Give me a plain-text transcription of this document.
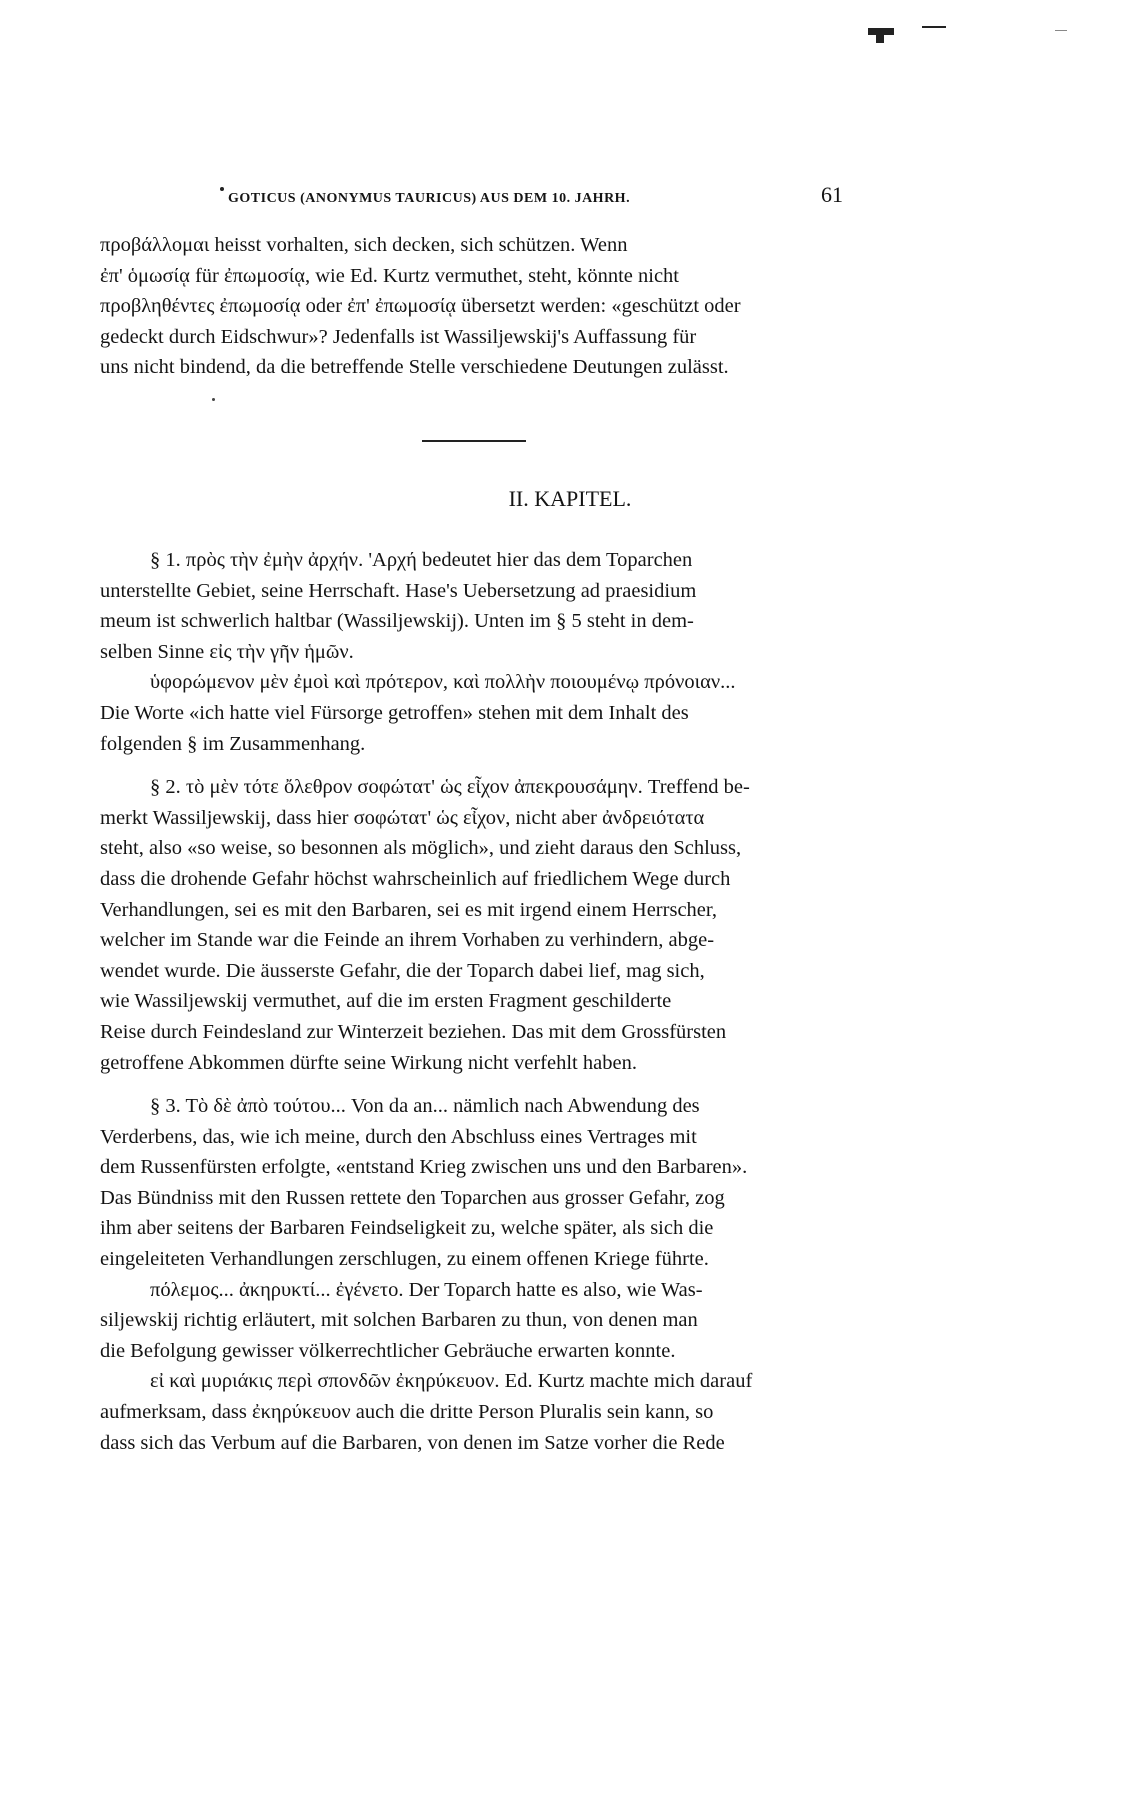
GOTICUS (ANONYMUS TAURICUS) AUS DEM 10. JAHRH.	61

προβάλλομαι heisst vorhalten, sich decken, sich schützen. Wenn
ἐπ' ὁμωσίᾳ für ἐπωμοσίᾳ, wie Ed. Kurtz vermuthet, steht, könnte nicht
προβληθέντες ἐπωμοσίᾳ oder ἐπ' ἐπωμοσίᾳ übersetzt werden: «geschützt oder
gedeckt durch Eidschwur»? Jedenfalls ist Wassiljewskij's Auffassung für
uns nicht bindend, da die betreffende Stelle verschiedene Deutungen zulässt.

II. KAPITEL.

§ 1. πρὸς τὴν ἐμὴν ἀρχήν. 'Αρχή bedeutet hier das dem Toparchen
unterstellte Gebiet, seine Herrschaft. Hase's Uebersetzung ad praesidium
meum ist schwerlich haltbar (Wassiljewskij). Unten im § 5 steht in dem-
selben Sinne εἰς τὴν γῆν ἡμῶν.

ὑφορώμενον μὲν ἐμοὶ καὶ πρότερον, καὶ πολλὴν ποιουμένῳ πρόνοιαν...
Die Worte «ich hatte viel Fürsorge getroffen» stehen mit dem Inhalt des
folgenden § im Zusammenhang.

§ 2. τὸ μὲν τότε ὄλεθρον σοφώτατ' ὡς εἶχον ἀπεκρουσάμην. Treffend be-
merkt Wassiljewskij, dass hier σοφώτατ' ὡς εἶχον, nicht aber ἀνδρειότατα
steht, also «so weise, so besonnen als möglich», und zieht daraus den Schluss,
dass die drohende Gefahr höchst wahrscheinlich auf friedlichem Wege durch
Verhandlungen, sei es mit den Barbaren, sei es mit irgend einem Herrscher,
welcher im Stande war die Feinde an ihrem Vorhaben zu verhindern, abge-
wendet wurde. Die äusserste Gefahr, die der Toparch dabei lief, mag sich,
wie Wassiljewskij vermuthet, auf die im ersten Fragment geschilderte
Reise durch Feindesland zur Winterzeit beziehen. Das mit dem Grossfürsten
getroffene Abkommen dürfte seine Wirkung nicht verfehlt haben.

§ 3. Τὸ δὲ ἀπὸ τούτου... Von da an... nämlich nach Abwendung des
Verderbens, das, wie ich meine, durch den Abschluss eines Vertrages mit
dem Russenfürsten erfolgte, «entstand Krieg zwischen uns und den Barbaren».
Das Bündniss mit den Russen rettete den Toparchen aus grosser Gefahr, zog
ihm aber seitens der Barbaren Feindseligkeit zu, welche später, als sich die
eingeleiteten Verhandlungen zerschlugen, zu einem offenen Kriege führte.

πόλεμος... ἀκηρυκτί... ἐγένετο. Der Toparch hatte es also, wie Was-
siljewskij richtig erläutert, mit solchen Barbaren zu thun, von denen man
die Befolgung gewisser völkerrechtlicher Gebräuche erwarten konnte.

εἰ καὶ μυριάκις περὶ σπονδῶν ἐκηρύκευον. Ed. Kurtz machte mich darauf
aufmerksam, dass ἐκηρύκευον auch die dritte Person Pluralis sein kann, so
dass sich das Verbum auf die Barbaren, von denen im Satze vorher die Rede
